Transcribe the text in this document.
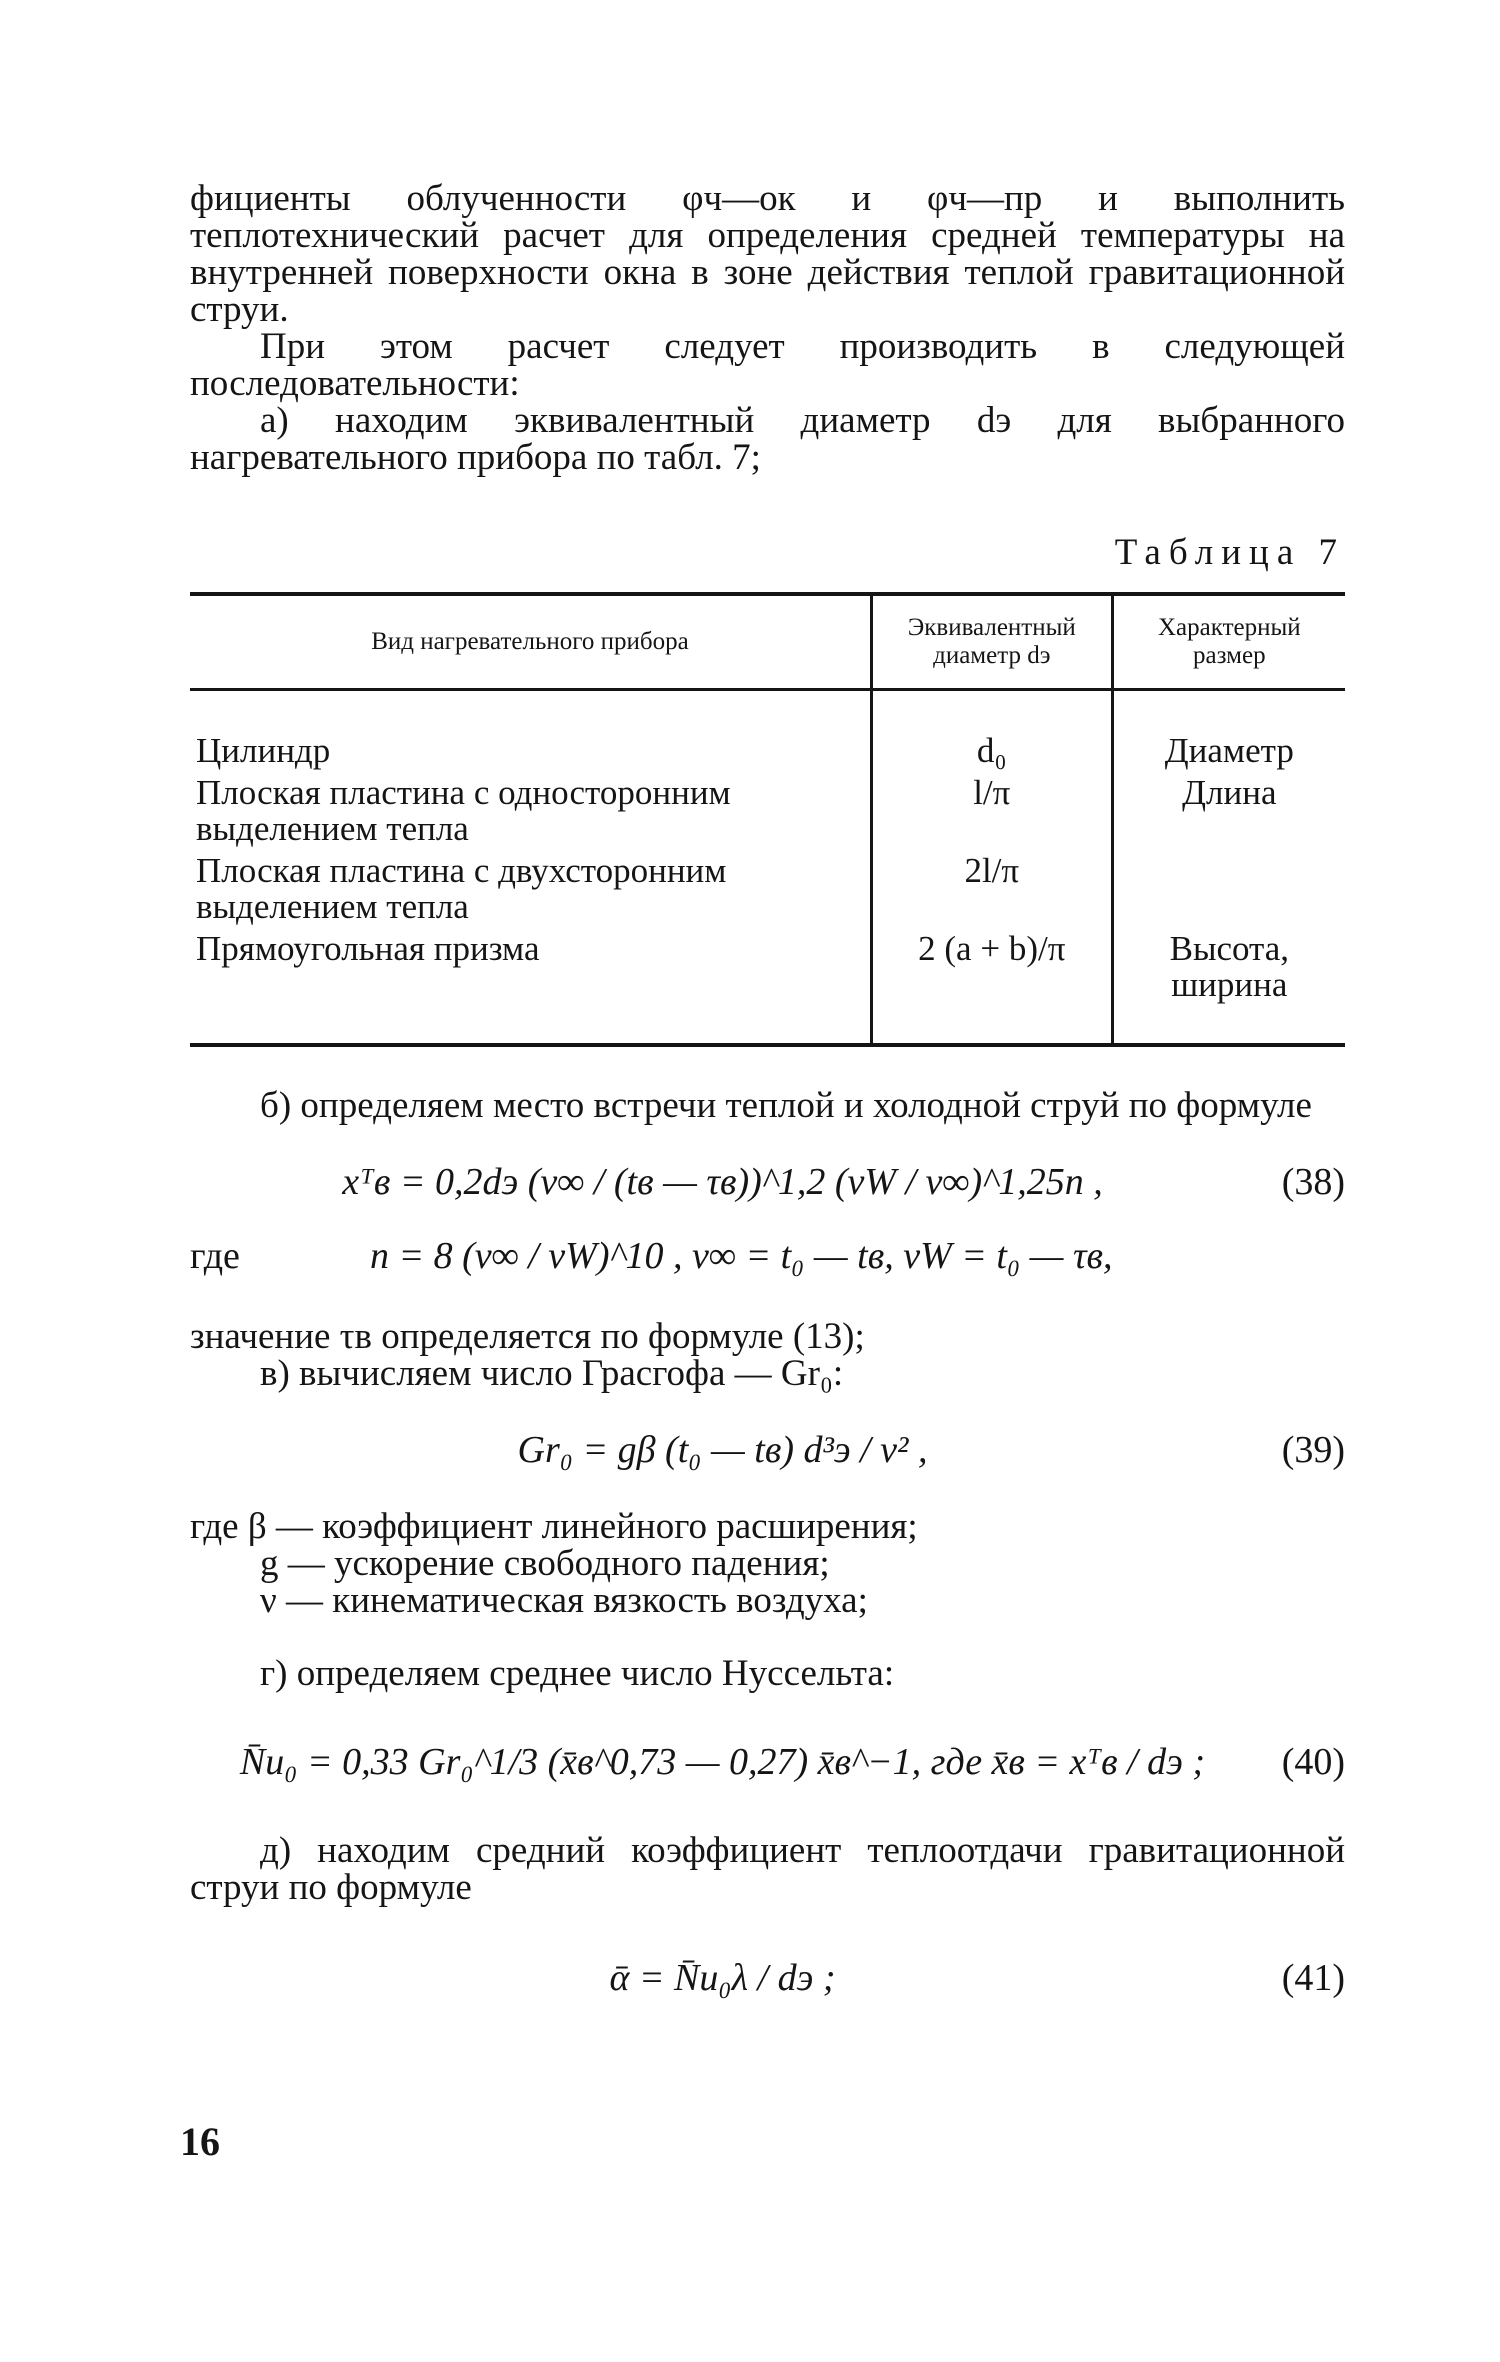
фициенты облученности φч—ок и φч—пр и выполнить теплотехнический расчет для определения средней температуры на внутренней поверхности окна в зоне действия теплой гравитационной струи.

При этом расчет следует производить в следующей последовательности:

а) находим эквивалентный диаметр dэ для выбранного нагревательного прибора по табл. 7;

Таблица 7
Вид нагревательного прибора	Эквивалентный диаметр dэ	Характерный размер
Цилиндр	d₀	Диаметр
Плоская пластина с односторонним выделением тепла	l/π	Длина
Плоская пластина с двухсторонним выделением тепла	2l/π	
Прямоугольная призма	2 (a + b)/π	Высота, ширина

б) определяем место встречи теплой и холодной струй по формуле

xᵀв = 0,2dэ (ν∞ / (tв — τв))^1,2 (νW / ν∞)^1,25n ,	(38)
где	n = 8 (ν∞ / νW)^10 , ν∞ = t₀ — tв, νW = t₀ — τв,

значение τв определяется по формуле (13);

в) вычисляем число Грасгофа — Gr₀:

Gr₀ = gβ (t₀ — tв) d³э / ν² ,	(39)

где β — коэффициент линейного расширения;

g — ускорение свободного падения;

ν — кинематическая вязкость воздуха;

г) определяем среднее число Нуссельта:

N̄u₀ = 0,33 Gr₀^1/3 (x̄в^0,73 — 0,27) x̄в^−1, где x̄в = xᵀв / dэ ;	(40)

д) находим средний коэффициент теплоотдачи гравитационной струи по формуле

ᾱ = N̄u₀λ / dэ ;	(41)
16
